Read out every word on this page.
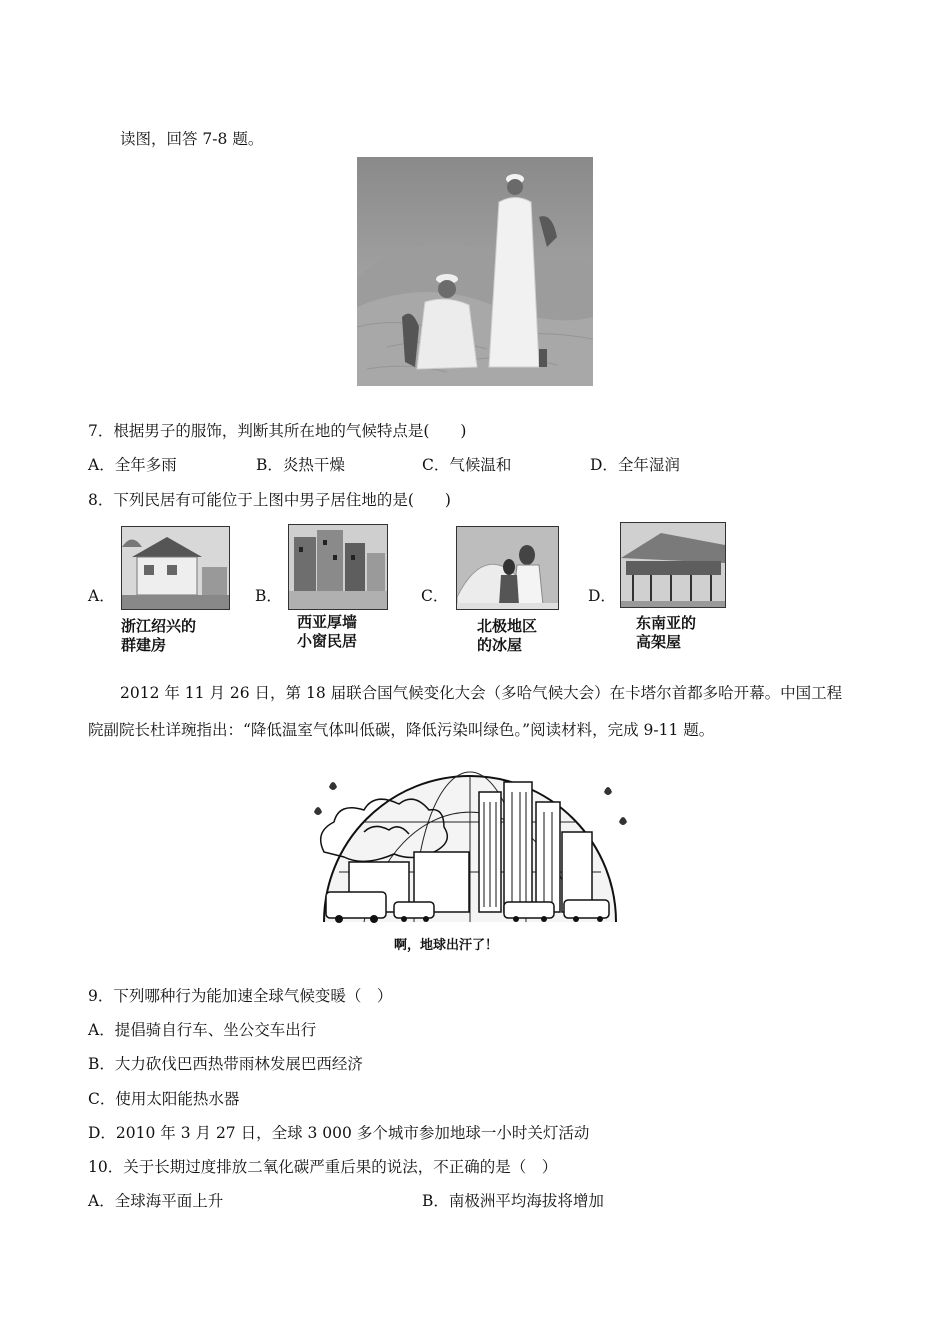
读图，回答 7-8 题。
7．根据男子的服饰，判断其所在地的气候特点是(　　)
A．全年多雨	B．炎热干燥	C．气候温和	D．全年湿润
8．下列民居有可能位于上图中男子居住地的是(　　)
A．
浙江绍兴的
群建房
B．
西亚厚墙
小窗民居
C．
北极地区
的冰屋
D．
东南亚的
高架屋
2012 年 11 月 26 日，第 18 届联合国气候变化大会（多哈气候大会）在卡塔尔首都多哈开幕。中国工程
院副院长杜详琬指出：“降低温室气体叫低碳，降低污染叫绿色。”阅读材料，完成 9-11 题。
啊，地球出汗了！
9．下列哪种行为能加速全球气候变暖（　）
A．提倡骑自行车、坐公交车出行
B．大力砍伐巴西热带雨林发展巴西经济
C．使用太阳能热水器
D．2010 年 3 月 27 日，全球 3 000 多个城市参加地球一小时关灯活动
10．关于长期过度排放二氧化碳严重后果的说法，不正确的是（　）
A．全球海平面上升	B．南极洲平均海拔将增加
